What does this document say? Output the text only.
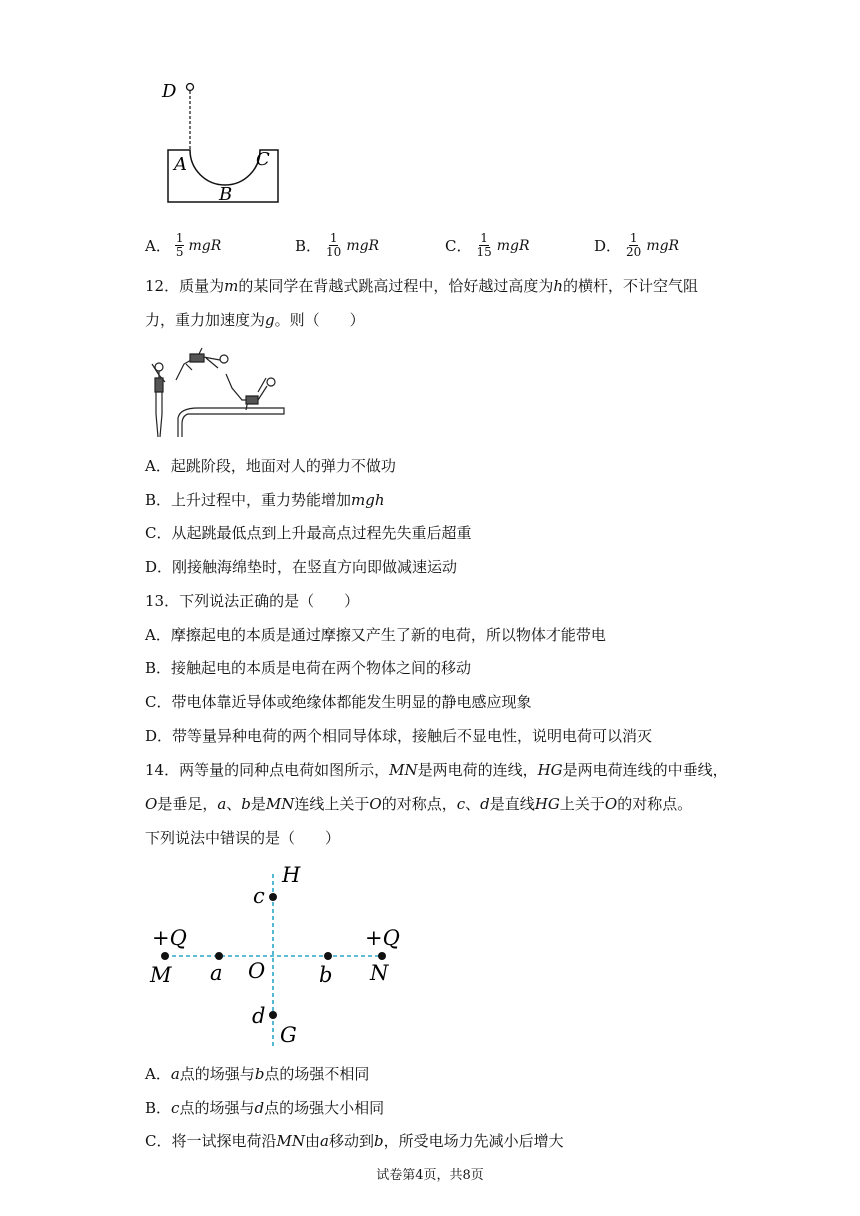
D
A	C
B
A． $\frac{1}{5}$ mgR	B． $\frac{1}{10}$ mgR	C． $\frac{1}{15}$ mgR	D． $\frac{1}{20}$ mgR
12．质量为m的某同学在背越式跳高过程中，恰好越过高度为h的横杆，不计空气阻
力，重力加速度为g。则（　　）
A．起跳阶段，地面对人的弹力不做功
B．上升过程中，重力势能增加mgh
C．从起跳最低点到上升最高点过程先失重后超重
D．刚接触海绵垫时，在竖直方向即做减速运动
13．下列说法正确的是（　　）
A．摩擦起电的本质是通过摩擦又产生了新的电荷，所以物体才能带电
B．接触起电的本质是电荷在两个物体之间的移动
C．带电体靠近导体或绝缘体都能发生明显的静电感应现象
D．带等量异种电荷的两个相同导体球，接触后不显电性，说明电荷可以消灭
14．两等量的同种点电荷如图所示，MN是两电荷的连线，HG是两电荷连线的中垂线，
O是垂足，a、b是MN连线上关于O的对称点，c、d是直线HG上关于O的对称点。
下列说法中错误的是（　　）
H
c
+Q	+Q
M a O	b N
d
G
A．a点的场强与b点的场强不相同
B．c点的场强与d点的场强大小相同
C．将一试探电荷沿MN由a移动到b，所受电场力先减小后增大
试卷第4页，共8页
